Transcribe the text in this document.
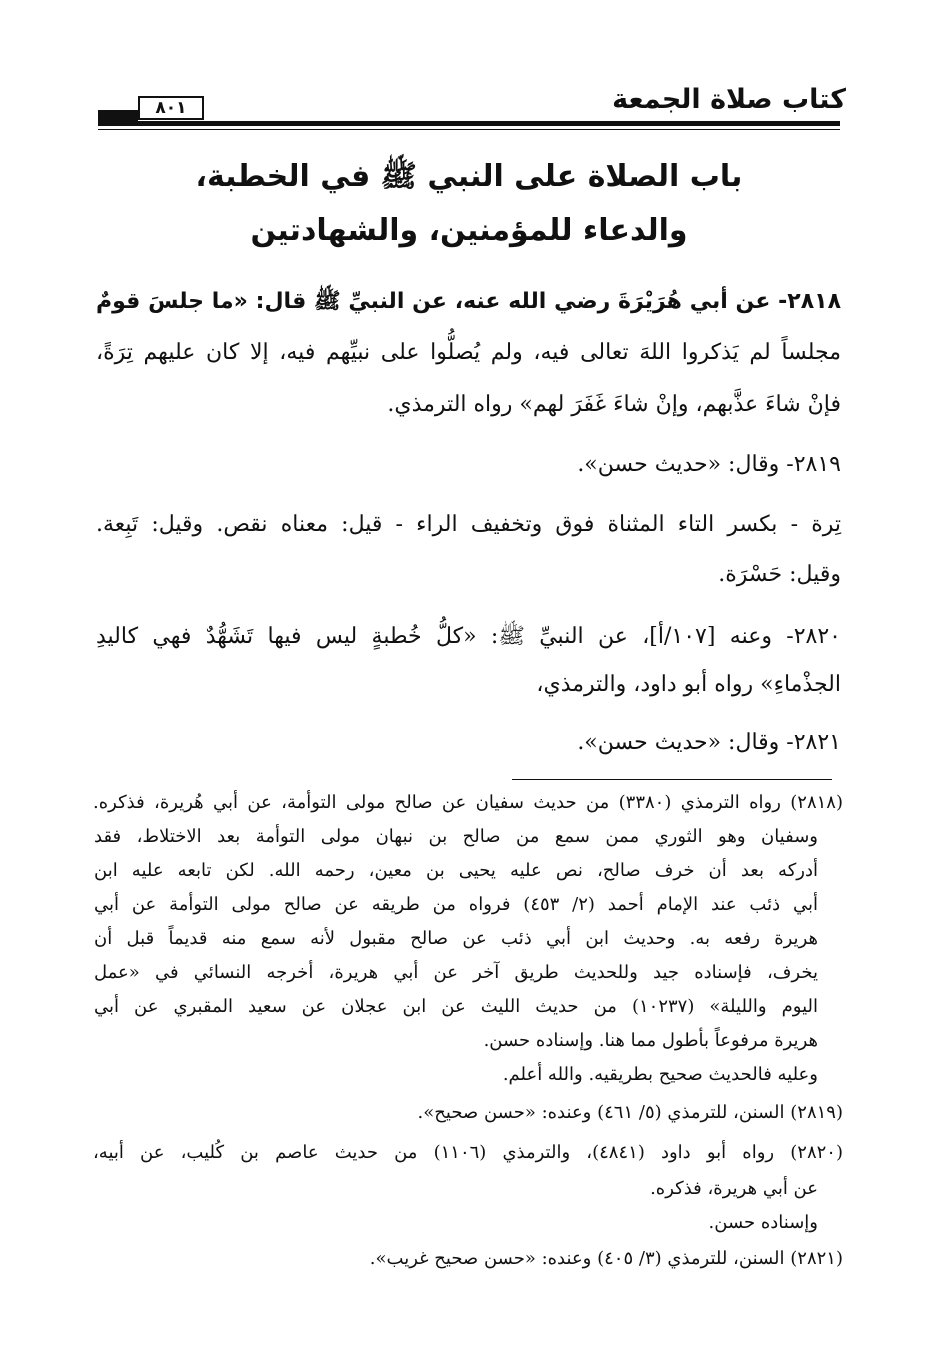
كتاب صلاة الجمعة
٨٠١
باب الصلاة على النبي ﷺ في الخطبة،
والدعاء للمؤمنين، والشهادتين
٢٨١٨- عن أبي هُرَيْرَةَ رضي الله عنه، عن النبيِّ ﷺ قال: «ما جلسَ قومٌ
مجلساً لم يَذكروا اللهَ تعالى فيه، ولم يُصلُّوا على نبيِّهم فيه، إلا كان عليهم تِرَةً،
فإنْ شاءَ عذَّبهم، وإنْ شاءَ غَفَرَ لهم» رواه الترمذي.
٢٨١٩- وقال: «حديث حسن».
تِرة - بكسر التاء المثناة فوق وتخفيف الراء - قيل: معناه نقص. وقيل: تَبِعة.
وقيل: حَسْرَة.
٢٨٢٠- وعنه [١٠٧/أ]، عن النبيِّ ﷺ: «كلُّ خُطبةٍ ليس فيها تَشَهُّدٌ فهي كاليدِ
الجذْماءِ» رواه أبو داود، والترمذي،
٢٨٢١- وقال: «حديث حسن».
(٢٨١٨) رواه الترمذي (٣٣٨٠) من حديث سفيان عن صالح مولى التوأمة، عن أبي هُريرة، فذكره.
وسفيان وهو الثوري ممن سمع من صالح بن نبهان مولى التوأمة بعد الاختلاط، فقد
أدركه بعد أن خرف صالح، نص عليه يحيى بن معين، رحمه الله. لكن تابعه عليه ابن
أبي ذئب عند الإمام أحمد (٢/ ٤٥٣) فرواه من طريقه عن صالح مولى التوأمة عن أبي
هريرة رفعه به. وحديث ابن أبي ذئب عن صالح مقبول لأنه سمع منه قديماً قبل أن
يخرف، فإسناده جيد وللحديث طريق آخر عن أبي هريرة، أخرجه النسائي في «عمل
اليوم والليلة» (١٠٢٣٧) من حديث الليث عن ابن عجلان عن سعيد المقبري عن أبي
هريرة مرفوعاً بأطول مما هنا. وإسناده حسن.
وعليه فالحديث صحيح بطريقيه. والله أعلم.
(٢٨١٩) السنن، للترمذي (٥/ ٤٦١) وعنده: «حسن صحيح».
(٢٨٢٠) رواه أبو داود (٤٨٤١)، والترمذي (١١٠٦) من حديث عاصم بن كُليب، عن أبيه،
عن أبي هريرة، فذكره.
وإسناده حسن.
(٢٨٢١) السنن، للترمذي (٣/ ٤٠٥) وعنده: «حسن صحيح غريب».
